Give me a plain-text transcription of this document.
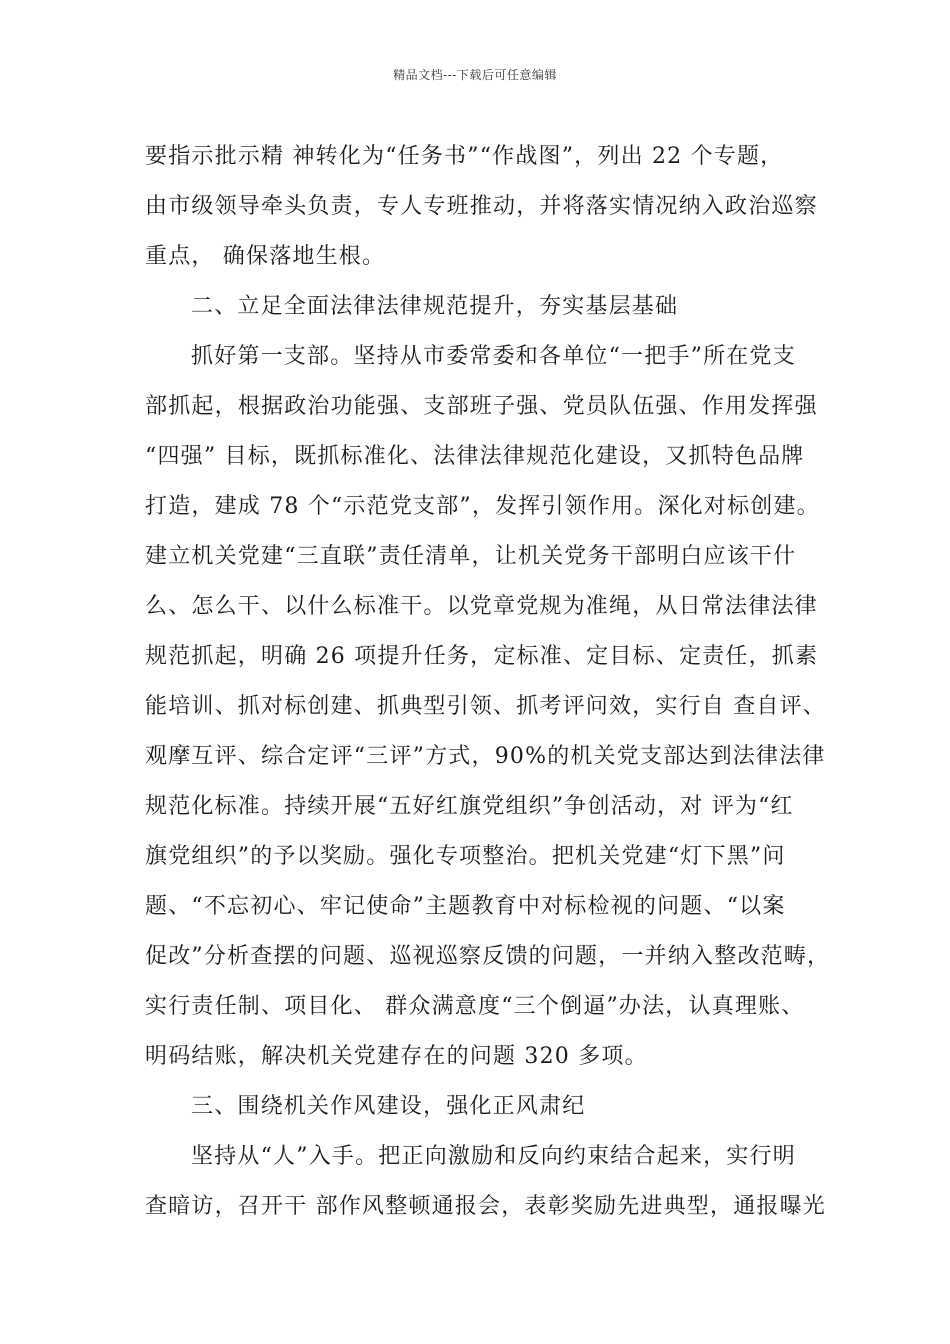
精品文档---下载后可任意编辑
要指示批示精 神转化为“任务书”“作战图”，列出 22 个专题，
由市级领导牵头负责，专人专班推动，并将落实情况纳入政治巡察
重点， 确保落地生根。
二、立足全面法律法律规范提升，夯实基层基础
抓好第一支部。坚持从市委常委和各单位“一把手”所在党支
部抓起，根据政治功能强、支部班子强、党员队伍强、作用发挥强
“四强” 目标，既抓标准化、法律法律规范化建设，又抓特色品牌
打造，建成 78 个“示范党支部”，发挥引领作用。深化对标创建。
建立机关党建“三直联”责任清单，让机关党务干部明白应该干什
么、怎么干、以什么标准干。以党章党规为准绳，从日常法律法律
规范抓起，明确 26 项提升任务，定标准、定目标、定责任，抓素
能培训、抓对标创建、抓典型引领、抓考评问效，实行自 查自评、
观摩互评、综合定评“三评”方式，90%的机关党支部达到法律法律
规范化标准。持续开展“五好红旗党组织”争创活动，对 评为“红
旗党组织”的予以奖励。强化专项整治。把机关党建“灯下黑”问
题、“不忘初心、牢记使命”主题教育中对标检视的问题、“以案
促改”分析查摆的问题、巡视巡察反馈的问题，一并纳入整改范畴，
实行责任制、项目化、 群众满意度“三个倒逼”办法，认真理账、
明码结账，解决机关党建存在的问题 320 多项。
三、围绕机关作风建设，强化正风肃纪
坚持从“人”入手。把正向激励和反向约束结合起来，实行明
查暗访，召开干 部作风整顿通报会，表彰奖励先进典型，通报曝光
